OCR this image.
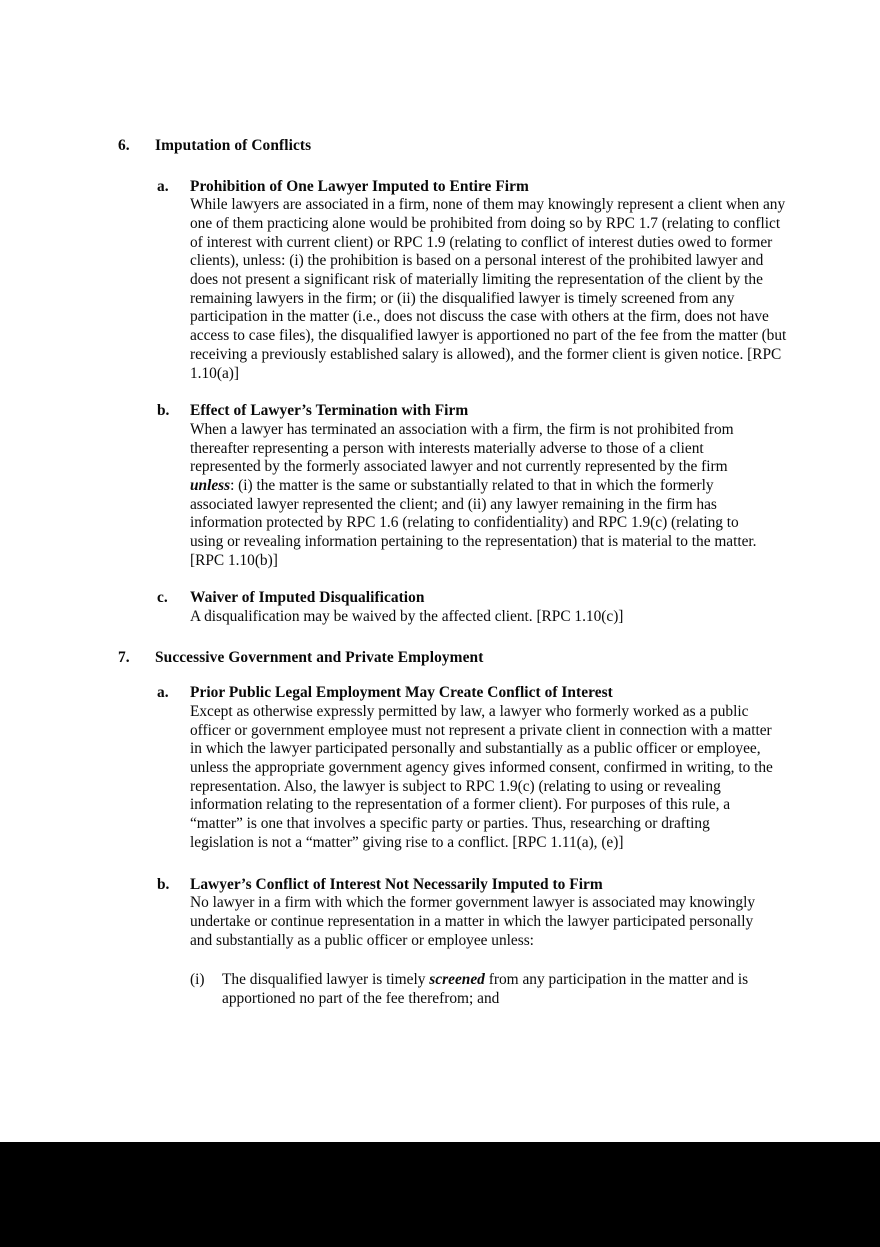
6. Imputation of Conflicts
a. Prohibition of One Lawyer Imputed to Entire Firm
While lawyers are associated in a firm, none of them may knowingly represent a client when any one of them practicing alone would be prohibited from doing so by RPC 1.7 (relating to conflict of interest with current client) or RPC 1.9 (relating to conflict of interest duties owed to former clients), unless: (i) the prohibition is based on a personal interest of the prohibited lawyer and does not present a significant risk of materially limiting the representation of the client by the remaining lawyers in the firm; or (ii) the disqualified lawyer is timely screened from any participation in the matter (i.e., does not discuss the case with others at the firm, does not have access to case files), the disqualified lawyer is apportioned no part of the fee from the matter (but receiving a previously established salary is allowed), and the former client is given notice. [RPC 1.10(a)]
b. Effect of Lawyer’s Termination with Firm
When a lawyer has terminated an association with a firm, the firm is not prohibited from thereafter representing a person with interests materially adverse to those of a client represented by the formerly associated lawyer and not currently represented by the firm unless: (i) the matter is the same or substantially related to that in which the formerly associated lawyer represented the client; and (ii) any lawyer remaining in the firm has information protected by RPC 1.6 (relating to confidentiality) and RPC 1.9(c) (relating to using or revealing information pertaining to the representation) that is material to the matter. [RPC 1.10(b)]
c. Waiver of Imputed Disqualification
A disqualification may be waived by the affected client. [RPC 1.10(c)]
7. Successive Government and Private Employment
a. Prior Public Legal Employment May Create Conflict of Interest
Except as otherwise expressly permitted by law, a lawyer who formerly worked as a public officer or government employee must not represent a private client in connection with a matter in which the lawyer participated personally and substantially as a public officer or employee, unless the appropriate government agency gives informed consent, confirmed in writing, to the representation. Also, the lawyer is subject to RPC 1.9(c) (relating to using or revealing information relating to the representation of a former client). For purposes of this rule, a “matter” is one that involves a specific party or parties. Thus, researching or drafting legislation is not a “matter” giving rise to a conflict. [RPC 1.11(a), (e)]
b. Lawyer’s Conflict of Interest Not Necessarily Imputed to Firm
No lawyer in a firm with which the former government lawyer is associated may knowingly undertake or continue representation in a matter in which the lawyer participated personally and substantially as a public officer or employee unless:
(i) The disqualified lawyer is timely screened from any participation in the matter and is apportioned no part of the fee therefrom; and
